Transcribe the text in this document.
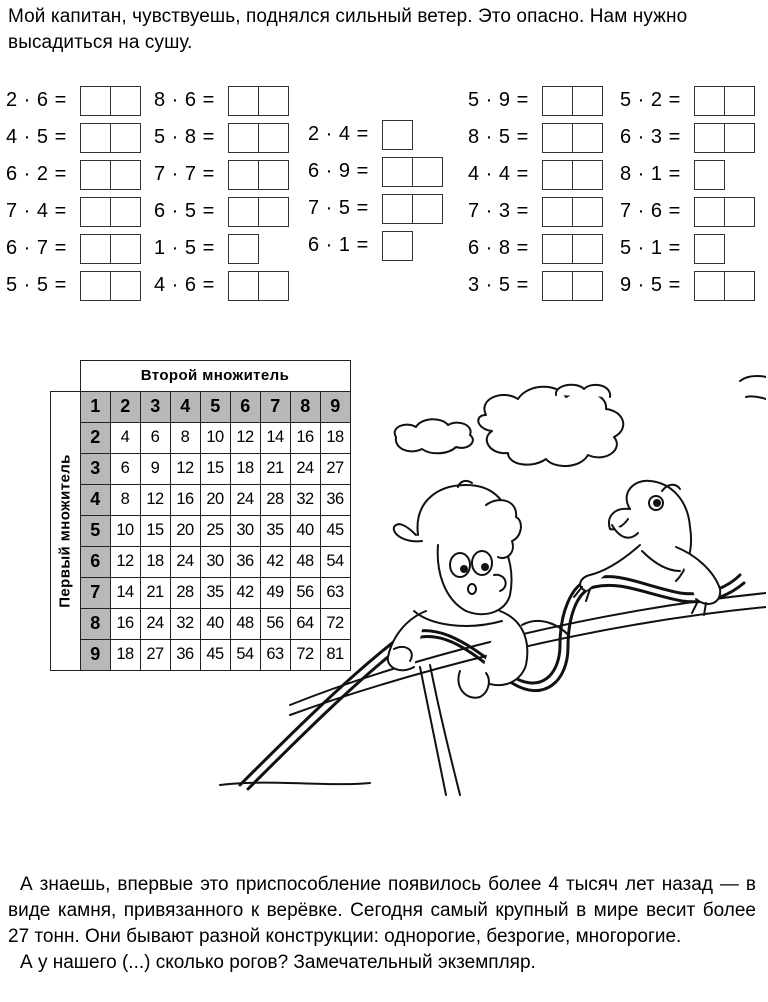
Мой капитан, чувствуешь, поднялся сильный ветер. Это опасно. Нам нужно высадиться на сушу.
2 · 6 =
4 · 5 =
6 · 2 =
7 · 4 =
6 · 7 =
5 · 5 =
8 · 6 =
5 · 8 =
7 · 7 =
6 · 5 =
1 · 5 =
4 · 6 =
2 · 4 =
6 · 9 =
7 · 5 =
6 · 1 =
5 · 9 =
8 · 5 =
4 · 4 =
7 · 3 =
6 · 8 =
3 · 5 =
5 · 2 =
6 · 3 =
8 · 1 =
7 · 6 =
5 · 1 =
9 · 5 =
	Второй множитель								

Первый множитель	1	2	3	4	5	6	7	8	9
	2	4	6	8	10	12	14	16	18
	3	6	9	12	15	18	21	24	27
	4	8	12	16	20	24	28	32	36
	5	10	15	20	25	30	35	40	45
	6	12	18	24	30	36	42	48	54
	7	14	21	28	35	42	49	56	63
	8	16	24	32	40	48	56	64	72
	9	18	27	36	45	54	63	72	81

А знаешь, впервые это приспособление появилось более 4 тысяч лет назад — в виде камня, привязанного к верёвке. Сегодня самый крупный в мире весит более 27 тонн. Они бывают разной конструкции: однорогие, безрогие, многорогие.

А у нашего (...) сколько рогов? Замечательный экземпляр.
